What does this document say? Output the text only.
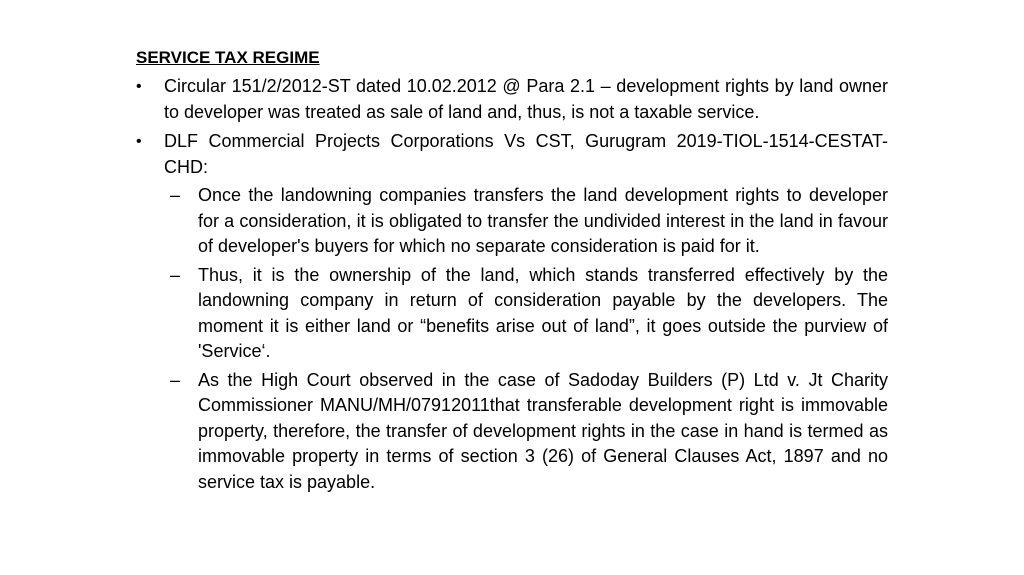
SERVICE TAX REGIME
•	Circular 151/2/2012-ST dated 10.02.2012 @ Para 2.1 – development rights by land owner to developer was treated as sale of land and, thus, is not a taxable service.
•	DLF Commercial Projects Corporations Vs CST, Gurugram 2019-TIOL-1514-CESTAT-CHD:
– Once the landowning companies transfers the land development rights to developer for a consideration, it is obligated to transfer the undivided interest in the land in favour of developer's buyers for which no separate consideration is paid for it.
– Thus, it is the ownership of the land, which stands transferred effectively by the landowning company in return of consideration payable by the developers. The moment it is either land or “benefits arise out of land”, it goes outside the purview of 'Service‘.
– As the High Court observed in the case of Sadoday Builders (P) Ltd v. Jt Charity Commissioner MANU/MH/07912011that transferable development right is immovable property, therefore, the transfer of development rights in the case in hand is termed as immovable property in terms of section 3 (26) of General Clauses Act, 1897 and no service tax is payable.
